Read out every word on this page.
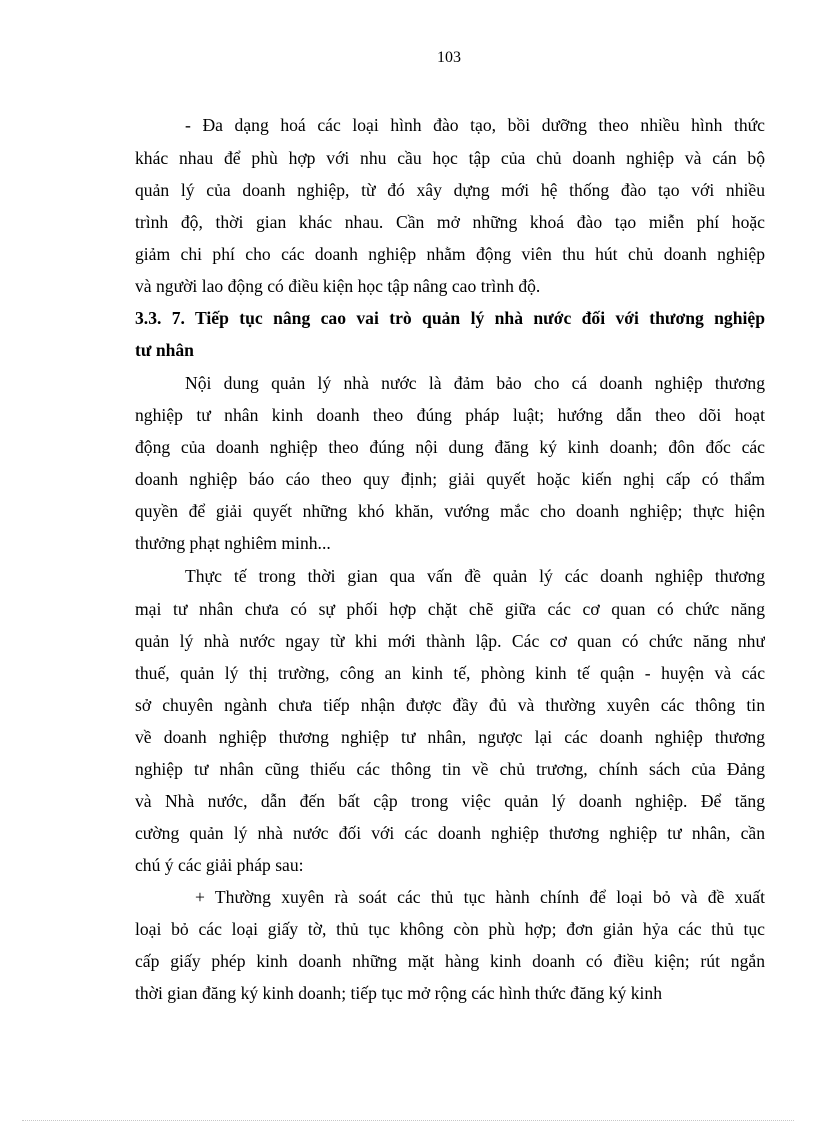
103
- Đa dạng hoá các loại hình đào tạo, bồi dưỡng theo nhiều hình thức
khác nhau để phù hợp với nhu cầu học tập của chủ doanh nghiệp và cán bộ
quản lý của doanh nghiệp, từ đó xây dựng mới hệ thống đào tạo với nhiều
trình độ, thời gian khác nhau. Cần mở những khoá đào tạo miễn phí hoặc
giảm chi phí cho các doanh nghiệp nhằm động viên thu hút chủ doanh nghiệp
và người lao động có điều kiện học tập nâng cao trình độ.
3.3. 7. Tiếp tục nâng cao vai trò quản lý nhà nước đối với thương nghiệp
tư nhân
Nội dung quản lý nhà nước là đảm bảo cho cá doanh nghiệp thương
nghiệp tư nhân kinh doanh theo đúng pháp luật; hướng dẫn theo dõi hoạt
động của doanh nghiệp theo đúng nội dung đăng ký kinh doanh; đôn đốc các
doanh nghiệp báo cáo theo quy định; giải quyết hoặc kiến nghị cấp có thẩm
quyền để giải quyết những khó khăn, vướng mắc cho doanh nghiệp; thực hiện
thưởng phạt nghiêm minh...
Thực tế trong thời gian qua vấn đề quản lý các doanh nghiệp thương
mại tư nhân chưa có sự phối hợp chặt chẽ giữa các cơ quan có chức năng
quản lý nhà nước ngay từ khi mới thành lập. Các cơ quan có chức năng như
thuế, quản lý thị trường, công an kinh tế, phòng kinh tế quận - huyện và các
sở chuyên ngành chưa tiếp nhận được đầy đủ và thường xuyên các thông tin
về doanh nghiệp thương nghiệp tư nhân, ngược lại các doanh nghiệp thương
nghiệp tư nhân cũng thiếu các thông tin về chủ trương, chính sách của Đảng
và Nhà nước, dẫn đến bất cập trong việc quản lý doanh nghiệp. Để tăng
cường quản lý nhà nước đối với các doanh nghiệp thương nghiệp tư nhân, cần
chú ý các giải pháp sau:
+ Thường xuyên rà soát các thủ tục hành chính để loại bỏ và đề xuất
loại bỏ các loại giấy tờ, thủ tục không còn phù hợp; đơn giản hỷa các thủ tục
cấp giấy phép kinh doanh những mặt hàng kinh doanh có điều kiện; rút ngắn
thời gian đăng ký kinh doanh; tiếp tục mở rộng các hình thức đăng ký kinh
